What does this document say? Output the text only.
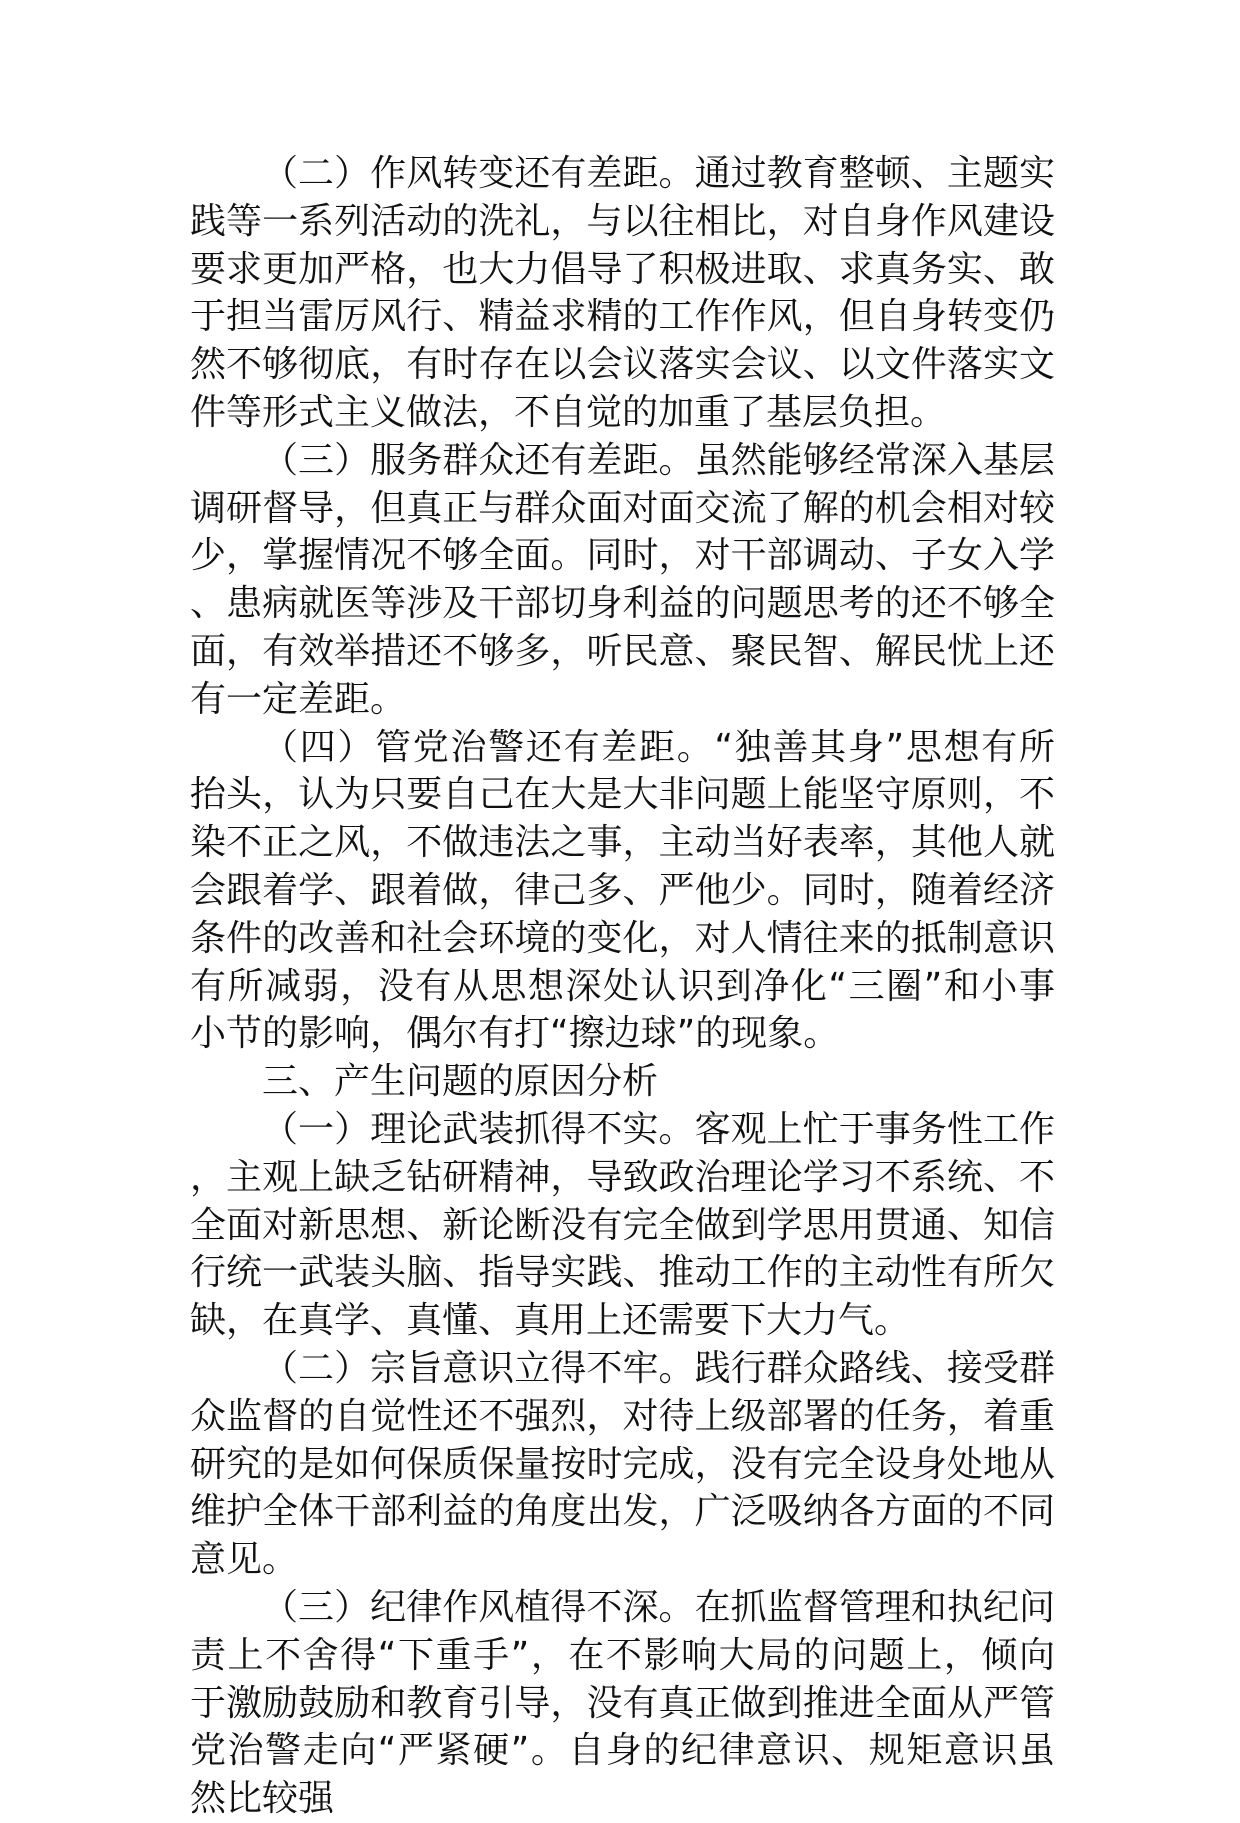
（二）作风转变还有差距。通过教育整顿、主题实践等一系列活动的洗礼，与以往相比，对自身作风建设要求更加严格，也大力倡导了积极进取、求真务实、敢于担当雷厉风行、精益求精的工作作风，但自身转变仍然不够彻底，有时存在以会议落实会议、以文件落实文件等形式主义做法，不自觉的加重了基层负担。

（三）服务群众还有差距。虽然能够经常深入基层调研督导，但真正与群众面对面交流了解的机会相对较少，掌握情况不够全面。同时，对干部调动、子女入学、患病就医等涉及干部切身利益的问题思考的还不够全面，有效举措还不够多，听民意、聚民智、解民忧上还有一定差距。

（四）管党治警还有差距。“独善其身”思想有所抬头，认为只要自己在大是大非问题上能坚守原则，不染不正之风，不做违法之事，主动当好表率，其他人就会跟着学、跟着做，律己多、严他少。同时，随着经济条件的改善和社会环境的变化，对人情往来的抵制意识有所减弱，没有从思想深处认识到净化“三圈”和小事小节的影响，偶尔有打“擦边球”的现象。

三、产生问题的原因分析

（一）理论武装抓得不实。客观上忙于事务性工作，主观上缺乏钻研精神，导致政治理论学习不系统、不全面对新思想、新论断没有完全做到学思用贯通、知信行统一武装头脑、指导实践、推动工作的主动性有所欠缺，在真学、真懂、真用上还需要下大力气。

（二）宗旨意识立得不牢。践行群众路线、接受群众监督的自觉性还不强烈，对待上级部署的任务，着重研究的是如何保质保量按时完成，没有完全设身处地从维护全体干部利益的角度出发，广泛吸纳各方面的不同意见。

（三）纪律作风植得不深。在抓监督管理和执纪问责上不舍得“下重手”，在不影响大局的问题上，倾向于激励鼓励和教育引导，没有真正做到推进全面从严管党治警走向“严紧硬”。自身的纪律意识、规矩意识虽然比较强
